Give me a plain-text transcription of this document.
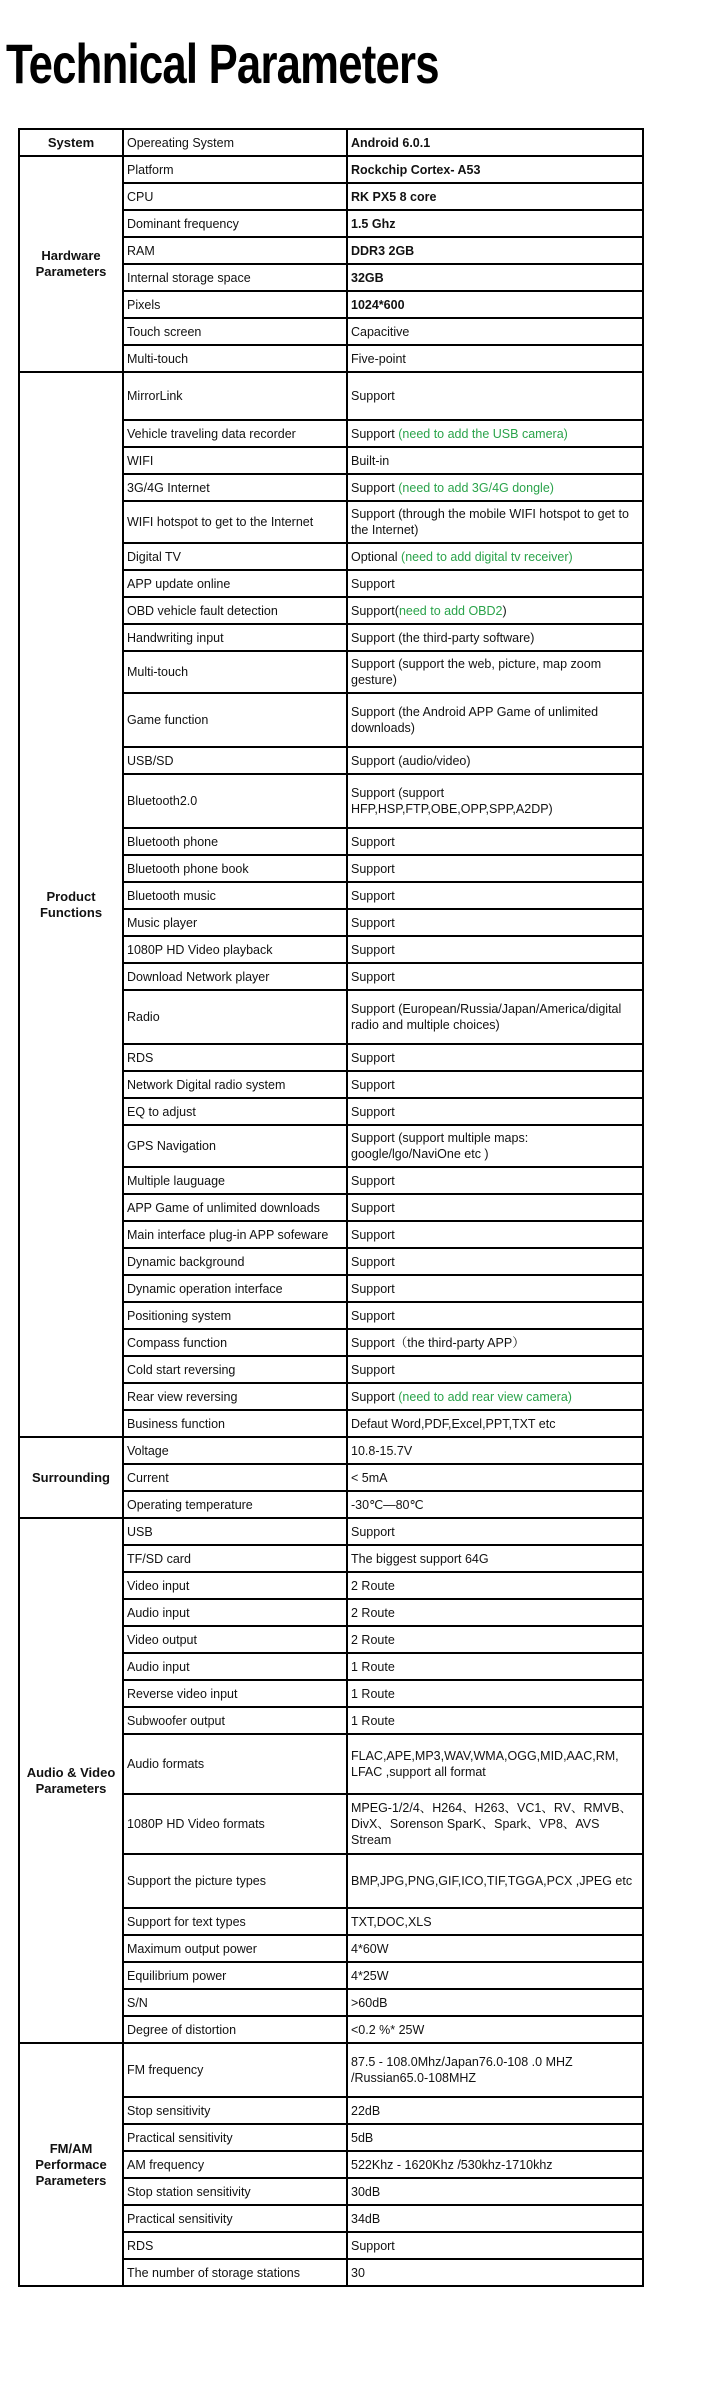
Technical Parameters
System	Opereating System	Android 6.0.1
Hardware Parameters	Platform	Rockchip Cortex- A53
	CPU	RK PX5 8 core
	Dominant frequency	1.5 Ghz
	RAM	DDR3 2GB
	Internal storage space	32GB
	Pixels	1024*600
	Touch screen	Capacitive
	Multi-touch	Five-point
Product Functions	MirrorLink	Support
	Vehicle traveling data recorder	Support (need to add the USB camera)
	WIFI	Built-in
	3G/4G Internet	Support (need to add 3G/4G dongle)
	WIFI hotspot to get to the Internet	Support (through the mobile WIFI hotspot to get to the Internet)
	Digital TV	Optional (need to add digital tv receiver)
	APP update online	Support
	OBD vehicle fault detection	Support(need to add OBD2)
	Handwriting input	Support (the third-party software)
	Multi-touch	Support (support the web, picture, map zoom gesture)
	Game function	Support (the Android APP Game of unlimited downloads)
	USB/SD	Support (audio/video)
	Bluetooth2.0	Support (support HFP,HSP,FTP,OBE,OPP,SPP,A2DP)
	Bluetooth phone	Support
	Bluetooth phone book	Support
	Bluetooth music	Support
	Music player	Support
	1080P HD Video playback	Support
	Download Network player	Support
	Radio	Support (European/Russia/Japan/America/digital radio and multiple choices)
	RDS	Support
	Network Digital radio system	Support
	EQ to adjust	Support
	GPS Navigation	Support (support multiple maps: google/lgo/NaviOne etc )
	Multiple lauguage	Support
	APP Game of unlimited downloads	Support
	Main interface plug-in APP sofeware	Support
	Dynamic background	Support
	Dynamic operation interface	Support
	Positioning system	Support
	Compass function	Support（the third-party APP）
	Cold start reversing	Support
	Rear view reversing	Support (need to add rear view camera)
	Business function	Defaut Word,PDF,Excel,PPT,TXT etc
Surrounding	Voltage	10.8-15.7V
	Current	< 5mA
	Operating temperature	-30℃—80℃
Audio & Video Parameters	USB	Support
	TF/SD card	The biggest support 64G
	Video input	2 Route
	Audio input	2 Route
	Video output	2 Route
	Audio input	1 Route
	Reverse video input	1 Route
	Subwoofer output	1 Route
	Audio formats	FLAC,APE,MP3,WAV,WMA,OGG,MID,AAC,RM, LFAC ,support all format
	1080P HD Video formats	MPEG-1/2/4、H264、H263、VC1、RV、RMVB、DivX、Sorenson SparK、Spark、VP8、AVS Stream
	Support the picture types	BMP,JPG,PNG,GIF,ICO,TIF,TGGA,PCX ,JPEG etc
	Support for text types	TXT,DOC,XLS
	Maximum output power	4*60W
	Equilibrium power	4*25W
	S/N	>60dB
	Degree of distortion	<0.2 %* 25W
FM/AM Performace Parameters	FM frequency	87.5 - 108.0Mhz/Japan76.0-108 .0 MHZ /Russian65.0-108MHZ
	Stop sensitivity	22dB
	Practical sensitivity	5dB
	AM frequency	522Khz - 1620Khz /530khz-1710khz
	Stop station sensitivity	30dB
	Practical sensitivity	34dB
	RDS	Support
	The number of storage stations	30
